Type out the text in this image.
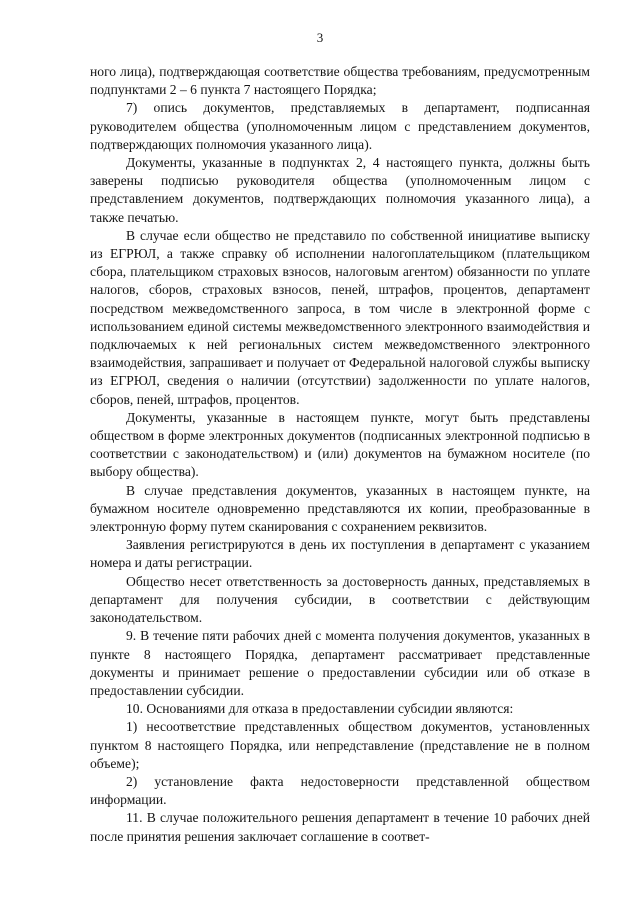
3

ного лица), подтверждающая соответствие общества требованиям, предусмотренным подпунктами 2 – 6 пункта 7 настоящего Порядка;

7) опись документов, представляемых в департамент, подписанная руководителем общества (уполномоченным лицом с представлением документов, подтверждающих полномочия указанного лица).

Документы, указанные в подпунктах 2, 4 настоящего пункта, должны быть заверены подписью руководителя общества (уполномоченным лицом с представлением документов, подтверждающих полномочия указанного лица), а также печатью.

В случае если общество не представило по собственной инициативе выписку из ЕГРЮЛ, а также справку об исполнении налогоплательщиком (плательщиком сбора, плательщиком страховых взносов, налоговым агентом) обязанности по уплате налогов, сборов, страховых взносов, пеней, штрафов, процентов, департамент посредством межведомственного запроса, в том числе в электронной форме с использованием единой системы межведомственного электронного взаимодействия и подключаемых к ней региональных систем межведомственного электронного взаимодействия, запрашивает и получает от Федеральной налоговой службы выписку из ЕГРЮЛ, сведения о наличии (отсутствии) задолженности по уплате налогов, сборов, пеней, штрафов, процентов.

Документы, указанные в настоящем пункте, могут быть представлены обществом в форме электронных документов (подписанных электронной подписью в соответствии с законодательством) и (или) документов на бумажном носителе (по выбору общества).

В случае представления документов, указанных в настоящем пункте, на бумажном носителе одновременно представляются их копии, преобразованные в электронную форму путем сканирования с сохранением реквизитов.

Заявления регистрируются в день их поступления в департамент с указанием номера и даты регистрации.

Общество несет ответственность за достоверность данных, представляемых в департамент для получения субсидии, в соответствии с действующим законодательством.

9. В течение пяти рабочих дней с момента получения документов, указанных в пункте 8 настоящего Порядка, департамент рассматривает представленные документы и принимает решение о предоставлении субсидии или об отказе в предоставлении субсидии.

10. Основаниями для отказа в предоставлении субсидии являются:

1) несоответствие представленных обществом документов, установленных пунктом 8 настоящего Порядка, или непредставление (представление не в полном объеме);

2) установление факта недостоверности представленной обществом информации.

11. В случае положительного решения департамент в течение 10 рабочих дней после принятия решения заключает соглашение в соответ-
